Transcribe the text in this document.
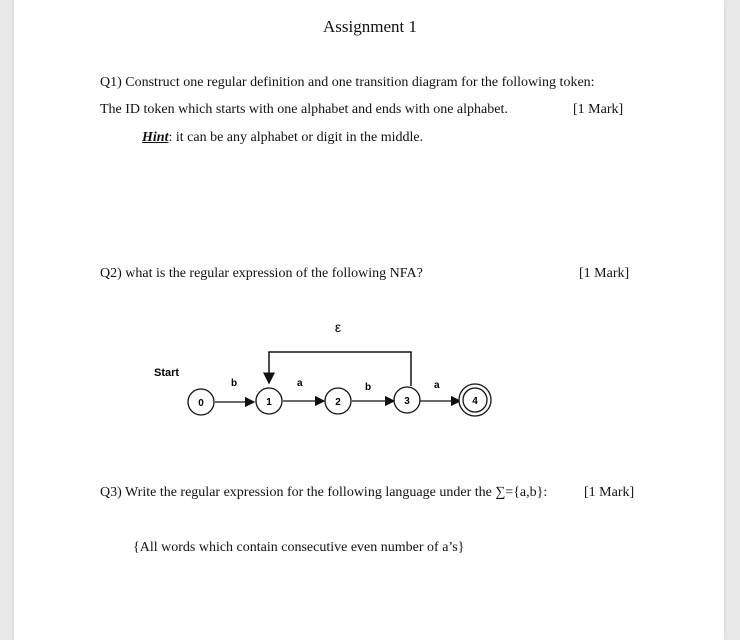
Assignment 1
Q1) Construct one regular definition and one transition diagram for the following token:
The ID token which starts with one alphabet and ends with one alphabet.	[1 Mark]
Hint: it can be any alphabet or digit in the middle.
Q2) what is the regular expression of the following NFA?	[1 Mark]
ε
Start
b	a	b	a
0	1	2	3	4
Q3) Write the regular expression for the following language under the ∑={a,b}:	[1 Mark]
{All words which contain consecutive even number of a’s}
